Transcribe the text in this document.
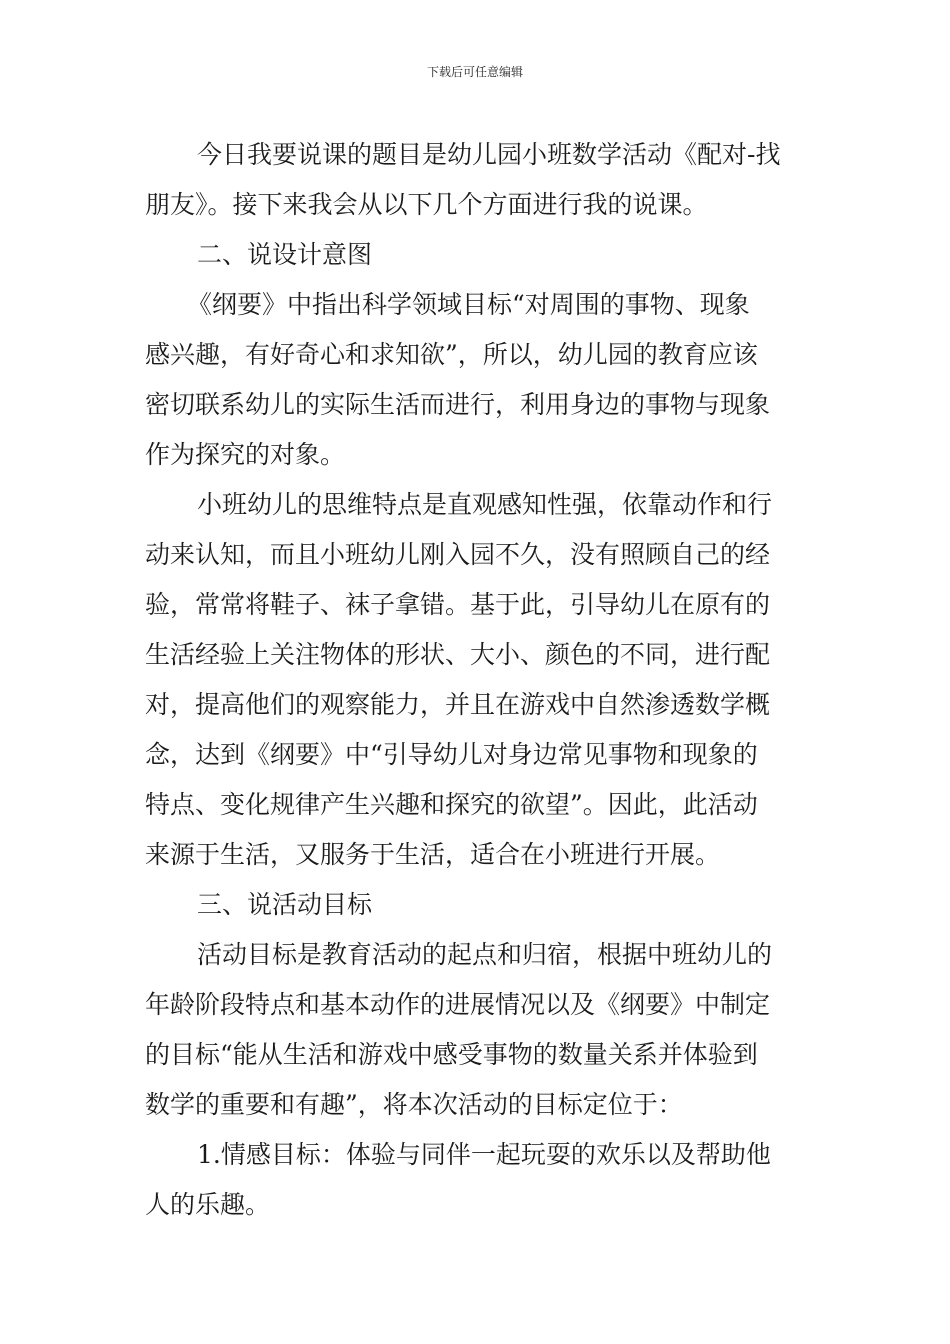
下载后可任意编辑
今日我要说课的题目是幼儿园小班数学活动《配对-找
朋友》。接下来我会从以下几个方面进行我的说课。
二、说设计意图
《纲要》中指出科学领域目标“对周围的事物、现象
感兴趣，有好奇心和求知欲”，所以，幼儿园的教育应该
密切联系幼儿的实际生活而进行，利用身边的事物与现象
作为探究的对象。
小班幼儿的思维特点是直观感知性强，依靠动作和行
动来认知，而且小班幼儿刚入园不久，没有照顾自己的经
验，常常将鞋子、袜子拿错。基于此，引导幼儿在原有的
生活经验上关注物体的形状、大小、颜色的不同，进行配
对，提高他们的观察能力，并且在游戏中自然渗透数学概
念，达到《纲要》中“引导幼儿对身边常见事物和现象的
特点、变化规律产生兴趣和探究的欲望”。因此，此活动
来源于生活，又服务于生活，适合在小班进行开展。
三、说活动目标
活动目标是教育活动的起点和归宿，根据中班幼儿的
年龄阶段特点和基本动作的进展情况以及《纲要》中制定
的目标“能从生活和游戏中感受事物的数量关系并体验到
数学的重要和有趣”，将本次活动的目标定位于：
1.情感目标：体验与同伴一起玩耍的欢乐以及帮助他
人的乐趣。
